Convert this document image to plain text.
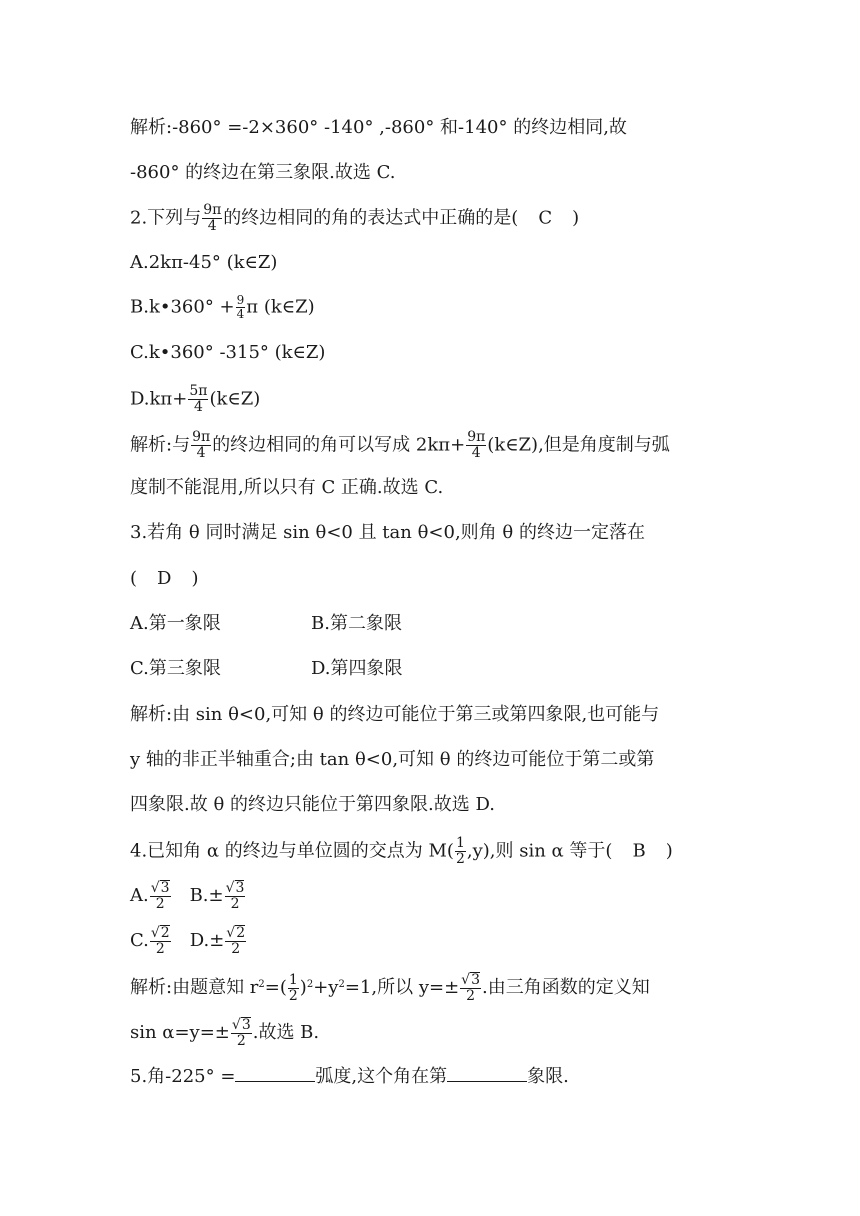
解析:-860° =-2×360° -140° ,-860° 和-140° 的终边相同,故
-860° 的终边在第三象限.故选 C.
2.下列与 $\frac{9\pi}{4}$ 的终边相同的角的表达式中正确的是( C )
A.2kπ-45° (k∈Z)
B.k•360° + $\frac{9}{4}$ π (k∈Z)
C.k•360° -315° (k∈Z)
$D.k\pi+ \frac{5\pi}{4}$ (k∈Z)
解析:与 $\frac{9\pi}{4}$ 的终边相同的角可以写成 $2k\pi+ \frac{9\pi}{4}$ (k∈Z),但是角度制与弧
度制不能混用,所以只有 C 正确.故选 C.
3.若角 θ 同时满足 sin θ<0 且 tan θ<0,则角 θ 的终边一定落在
( D )
A.第一象限	B.第二象限
C.第三象限	D.第四象限
解析:由 sin θ<0,可知 θ 的终边可能位于第三或第四象限,也可能与
y 轴的非正半轴重合;由 tan θ<0,可知 θ 的终边可能位于第二或第
四象限.故 θ 的终边只能位于第四象限.故选 D.
4.已知角 α 的终边与单位圆的交点为 $M( \frac{1}{2} ,y)$,则 sin α 等于( B )
A. $\frac{√3}{2} B.\pm \frac{√3}{2}$
C. $\frac{√2}{2} D.\pm \frac{√2}{2}$
解析:由题意知 $r^2=( \frac{1}{2} )^2+y^2=1$,所以 $y=\pm \frac{√3}{2}$ .由三角函数的定义知
$\sin \alpha=y=\pm \frac{√3}{2}$ .故选 B.
5.角-225° =	弧度,这个角在第	象限.
